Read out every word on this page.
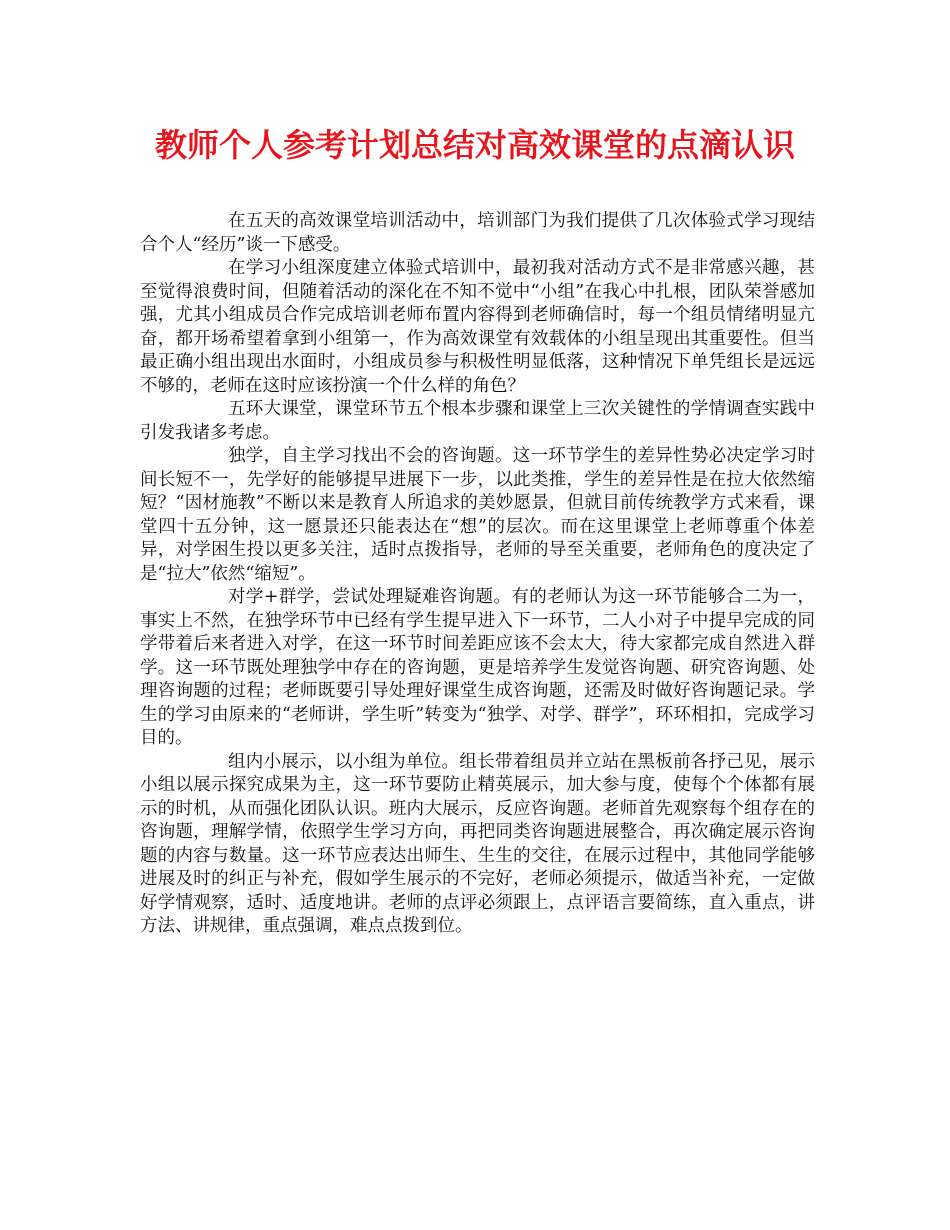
教师个人参考计划总结对高效课堂的点滴认识

在五天的高效课堂培训活动中，培训部门为我们提供了几次体验式学习现结合个人“经历”谈一下感受。

在学习小组深度建立体验式培训中，最初我对活动方式不是非常感兴趣，甚至觉得浪费时间，但随着活动的深化在不知不觉中“小组”在我心中扎根，团队荣誉感加强，尤其小组成员合作完成培训老师布置内容得到老师确信时，每一个组员情绪明显亢奋，都开场希望着拿到小组第一，作为高效课堂有效载体的小组呈现出其重要性。但当最正确小组出现出水面时，小组成员参与积极性明显低落，这种情况下单凭组长是远远不够的，老师在这时应该扮演一个什么样的角色？

五环大课堂，课堂环节五个根本步骤和课堂上三次关键性的学情调查实践中引发我诸多考虑。

独学，自主学习找出不会的咨询题。这一环节学生的差异性势必决定学习时间长短不一，先学好的能够提早进展下一步，以此类推，学生的差异性是在拉大依然缩短？“因材施教”不断以来是教育人所追求的美妙愿景，但就目前传统教学方式来看，课堂四十五分钟，这一愿景还只能表达在“想”的层次。而在这里课堂上老师尊重个体差异，对学困生投以更多关注，适时点拨指导，老师的导至关重要，老师角色的度决定了是“拉大”依然“缩短”。

对学+群学，尝试处理疑难咨询题。有的老师认为这一环节能够合二为一，事实上不然，在独学环节中已经有学生提早进入下一环节，二人小对子中提早完成的同学带着后来者进入对学，在这一环节时间差距应该不会太大，待大家都完成自然进入群学。这一环节既处理独学中存在的咨询题，更是培养学生发觉咨询题、研究咨询题、处理咨询题的过程；老师既要引导处理好课堂生成咨询题，还需及时做好咨询题记录。学生的学习由原来的“老师讲，学生听”转变为“独学、对学、群学”，环环相扣，完成学习目的。

组内小展示，以小组为单位。组长带着组员并立站在黑板前各抒己见，展示小组以展示探究成果为主，这一环节要防止精英展示，加大参与度，使每个个体都有展示的时机，从而强化团队认识。班内大展示，反应咨询题。老师首先观察每个组存在的咨询题，理解学情，依照学生学习方向，再把同类咨询题进展整合，再次确定展示咨询题的内容与数量。这一环节应表达出师生、生生的交往，在展示过程中，其他同学能够进展及时的纠正与补充，假如学生展示的不完好，老师必须提示，做适当补充，一定做好学情观察，适时、适度地讲。老师的点评必须跟上，点评语言要简练，直入重点，讲方法、讲规律，重点强调，难点点拨到位。
